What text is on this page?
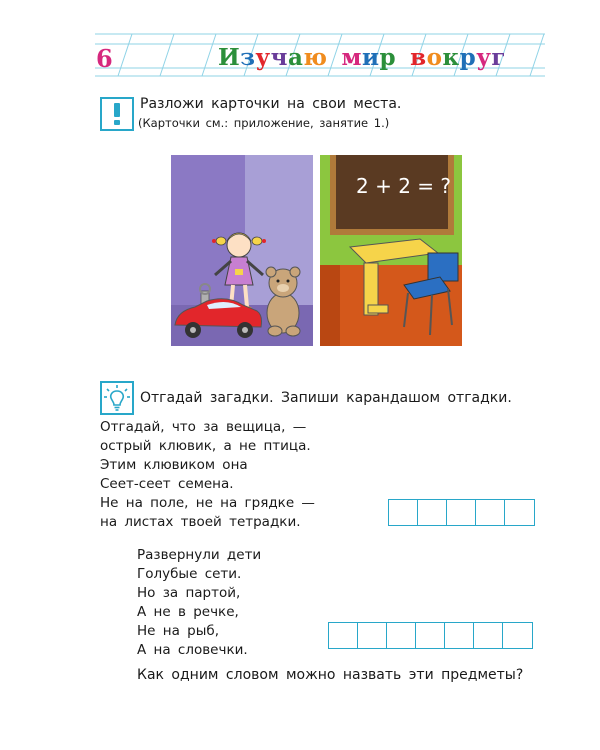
6	Изучаю мир вокруг
Разложи карточки на свои места.
(Карточки см.: приложение, занятие 1.)
2 + 2 = ?
Отгадай загадки. Запиши карандашом отгадки.
Отгадай, что за вещица, —
острый клювик, а не птица.
Этим клювиком она
Сеет-сеет семена.
Не на поле, не на грядке —
на листах твоей тетрадки.
Развернули дети
Голубые сети.
Но за партой,
А не в речке,
Не на рыб,
А на словечки.
Как одним словом можно назвать эти предметы?
